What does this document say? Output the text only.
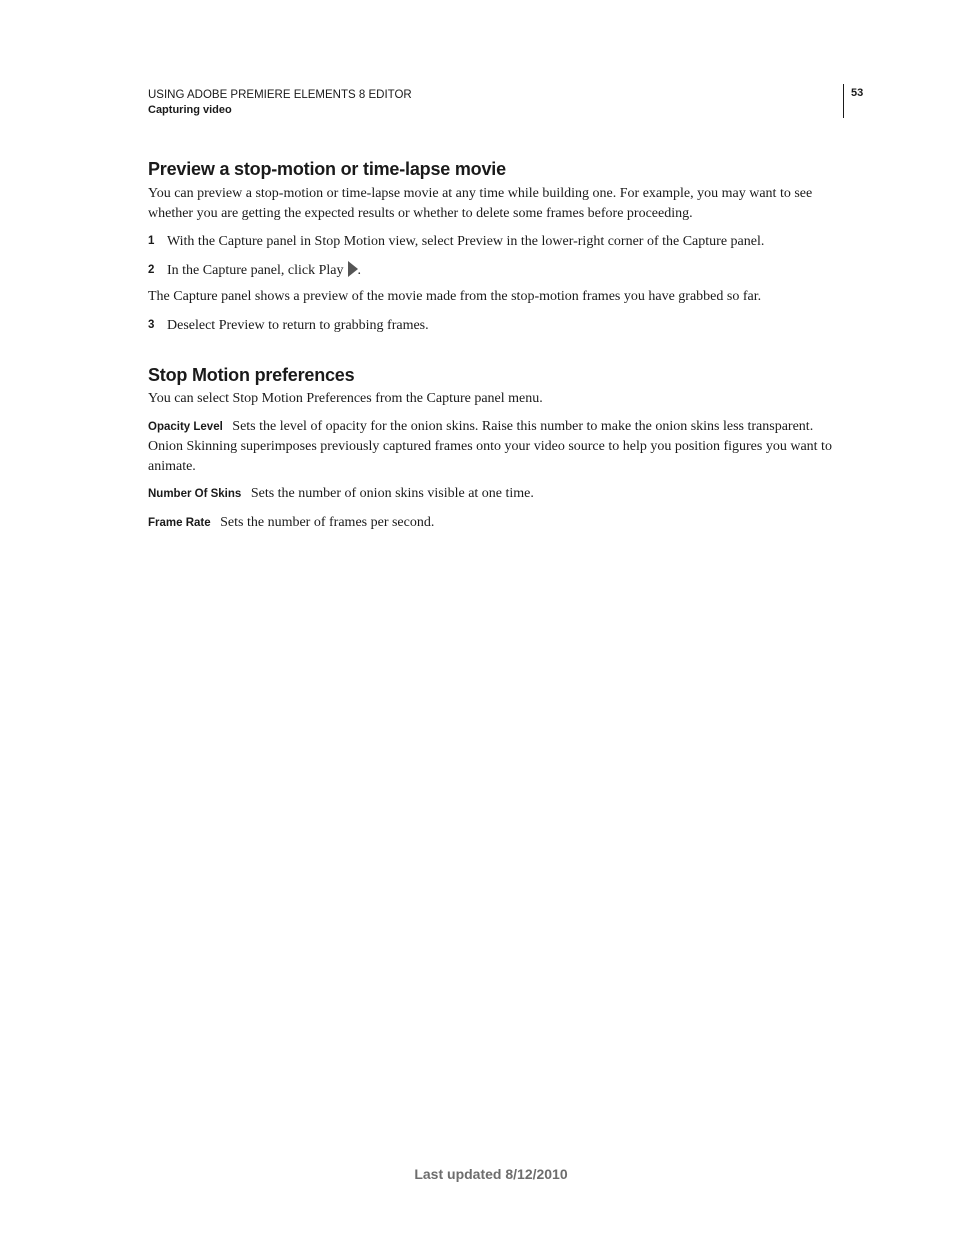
USING ADOBE PREMIERE ELEMENTS 8 EDITOR
Capturing video
53
Preview a stop-motion or time-lapse movie

You can preview a stop-motion or time-lapse movie at any time while building one. For example, you may want to see whether you are getting the expected results or whether to delete some frames before proceeding.

1 With the Capture panel in Stop Motion view, select Preview in the lower-right corner of the Capture panel.
2 In the Capture panel, click Play .

The Capture panel shows a preview of the movie made from the stop-motion frames you have grabbed so far.

3 Deselect Preview to return to grabbing frames.
Stop Motion preferences

You can select Stop Motion Preferences from the Capture panel menu.

Opacity Level Sets the level of opacity for the onion skins. Raise this number to make the onion skins less transparent. Onion Skinning superimposes previously captured frames onto your video source to help you position figures you want to animate.

Number Of Skins Sets the number of onion skins visible at one time.

Frame Rate Sets the number of frames per second.

Last updated 8/12/2010
